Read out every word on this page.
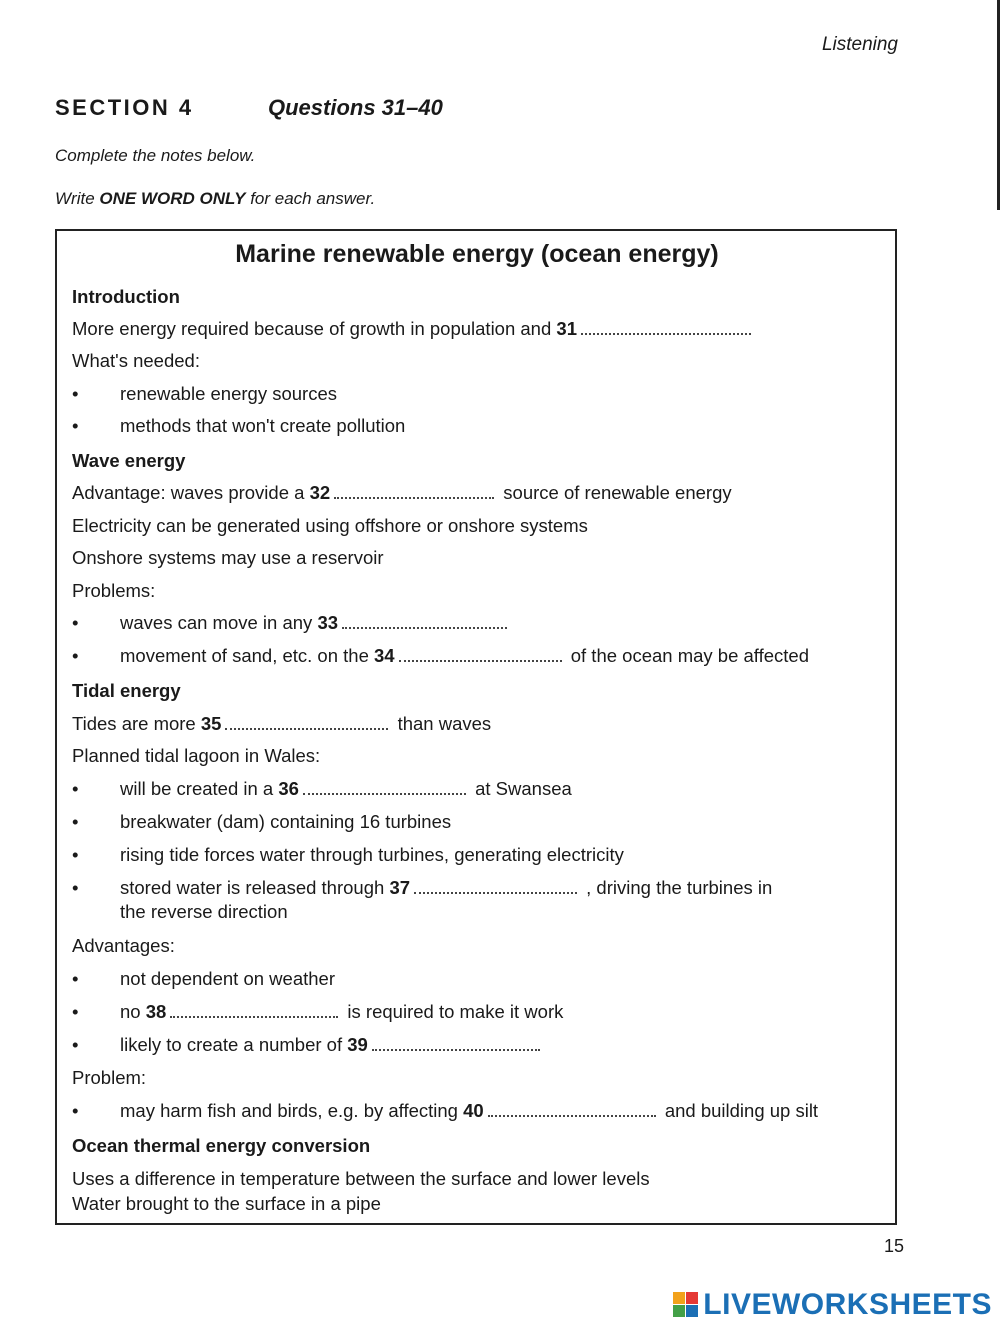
Listening
SECTION 4	Questions 31–40
Complete the notes below.
Write ONE WORD ONLY for each answer.
Marine renewable energy (ocean energy)
Introduction
More energy required because of growth in population and 31
What's needed:
• renewable energy sources
• methods that won't create pollution
Wave energy
Advantage: waves provide a 32	source of renewable energy
Electricity can be generated using offshore or onshore systems
Onshore systems may use a reservoir
Problems:
• waves can move in any 33
• movement of sand, etc. on the 34	of the ocean may be affected
Tidal energy
Tides are more 35	than waves
Planned tidal lagoon in Wales:
• will be created in a 36	at Swansea
• breakwater (dam) containing 16 turbines
• rising tide forces water through turbines, generating electricity
• stored water is released through 37	, driving the turbines in
the reverse direction
Advantages:
• not dependent on weather
• no 38	is required to make it work
• likely to create a number of 39
Problem:
• may harm fish and birds, e.g. by affecting 40	and building up silt
Ocean thermal energy conversion
Uses a difference in temperature between the surface and lower levels
Water brought to the surface in a pipe
15
LIVEWORKSHEETS
